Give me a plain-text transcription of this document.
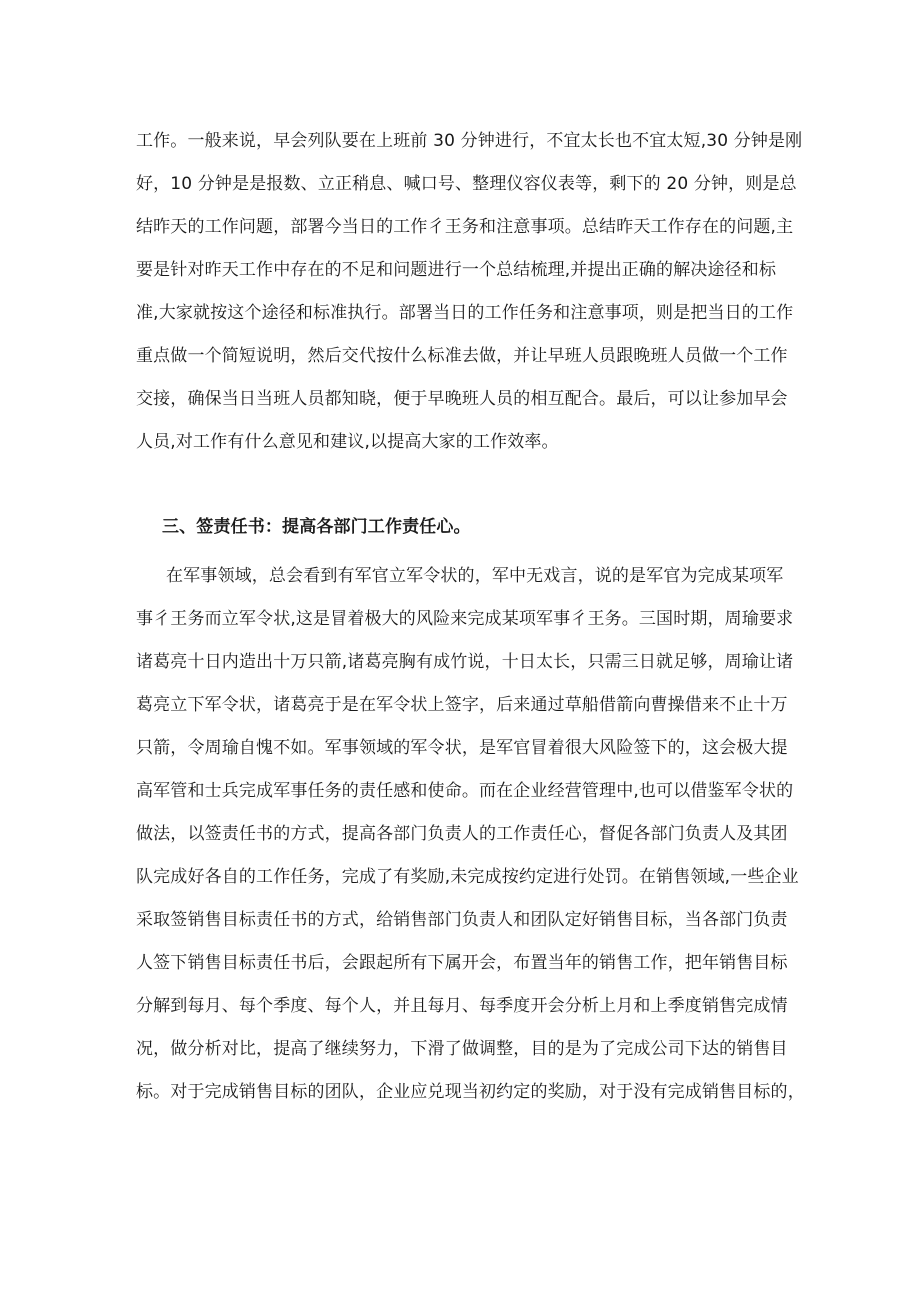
工作。一般来说，早会列队要在上班前 30 分钟进行，不宜太长也不宜太短,30 分钟是刚
好，10 分钟是是报数、立正稍息、喊口号、整理仪容仪表等，剩下的 20 分钟，则是总
结昨天的工作问题，部署今当日的工作彳王务和注意事项。总结昨天工作存在的问题,主
要是针对昨天工作中存在的不足和问题进行一个总结梳理,并提出正确的解决途径和标
准,大家就按这个途径和标准执行。部署当日的工作任务和注意事项，则是把当日的工作
重点做一个简短说明，然后交代按什么标准去做，并让早班人员跟晚班人员做一个工作
交接，确保当日当班人员都知晓，便于早晚班人员的相互配合。最后，可以让参加早会
人员,对工作有什么意见和建议,以提高大家的工作效率。
三、签责任书：提高各部门工作责任心。
在军事领域，总会看到有军官立军令状的，军中无戏言，说的是军官为完成某项军
事彳王务而立军令状,这是冒着极大的风险来完成某项军事彳王务。三国时期，周瑜要求
诸葛亮十日内造出十万只箭,诸葛亮胸有成竹说，十日太长，只需三日就足够，周瑜让诸
葛亮立下军令状，诸葛亮于是在军令状上签字，后来通过草船借箭向曹操借来不止十万
只箭，令周瑜自愧不如。军事领域的军令状，是军官冒着很大风险签下的，这会极大提
高军管和士兵完成军事任务的责任感和使命。而在企业经营管理中,也可以借鉴军令状的
做法，以签责任书的方式，提高各部门负责人的工作责任心，督促各部门负责人及其团
队完成好各自的工作任务，完成了有奖励,未完成按约定进行处罚。在销售领域,一些企业
采取签销售目标责任书的方式，给销售部门负责人和团队定好销售目标，当各部门负责
人签下销售目标责任书后，会跟起所有下属开会，布置当年的销售工作，把年销售目标
分解到每月、每个季度、每个人，并且每月、每季度开会分析上月和上季度销售完成情
况，做分析对比，提高了继续努力，下滑了做调整，目的是为了完成公司下达的销售目
标。对于完成销售目标的团队，企业应兑现当初约定的奖励，对于没有完成销售目标的，
